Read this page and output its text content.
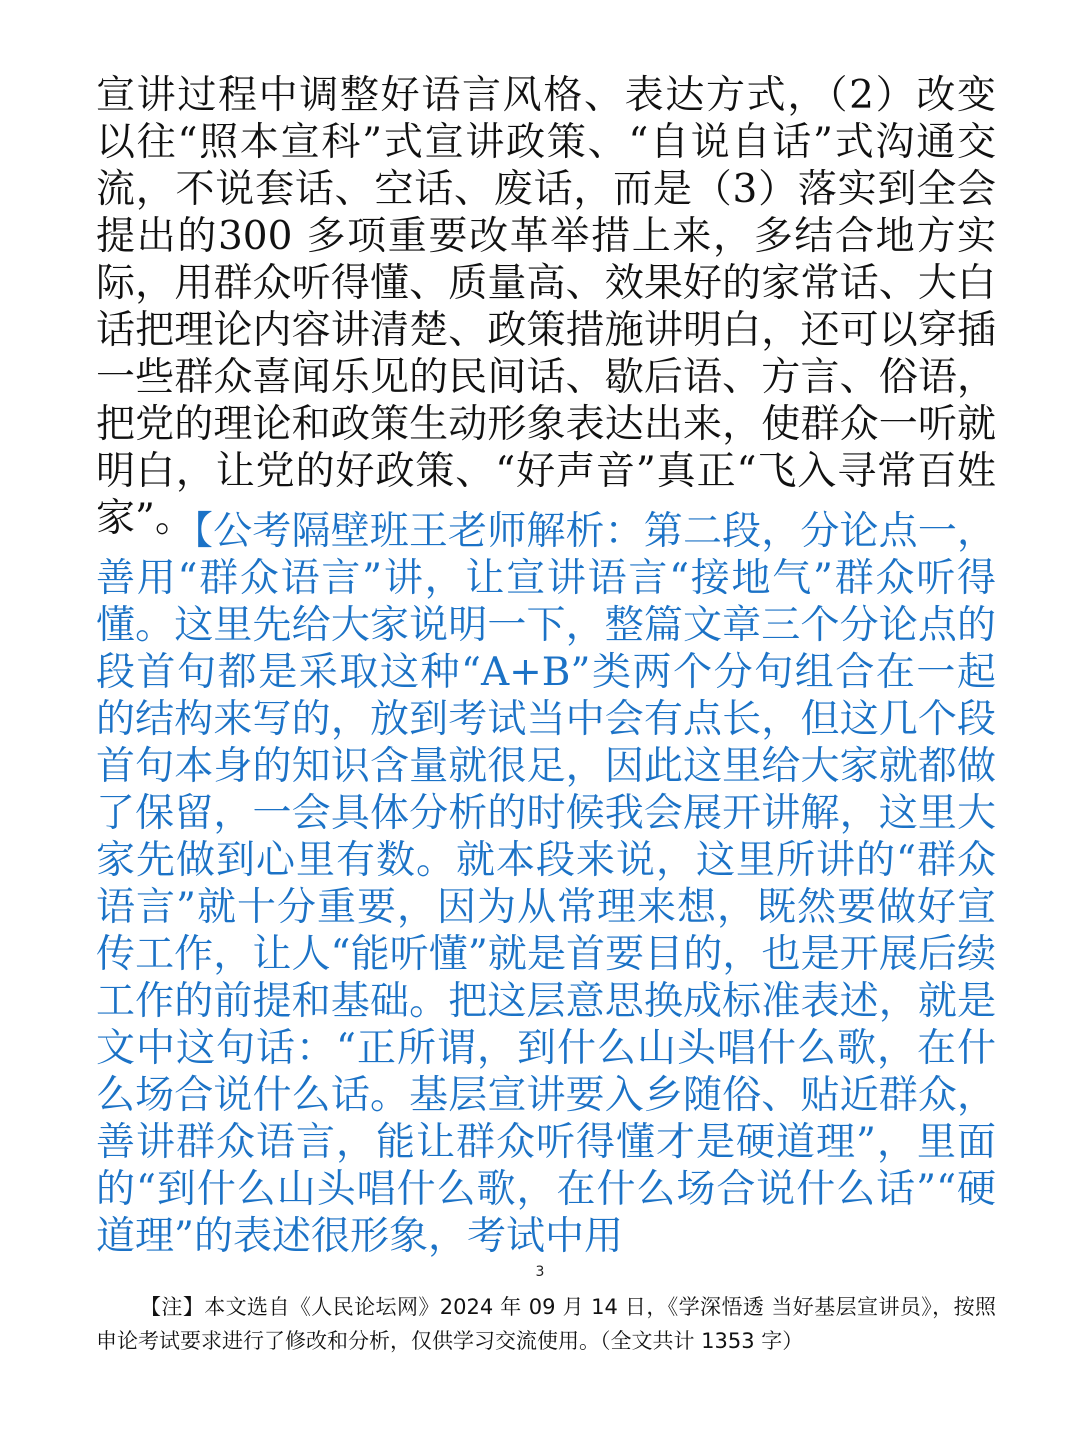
宣讲过程中调整好语言风格、表达方式，（2）改变以往“照本宣科”式宣讲政策、“自说自话”式沟通交流，不说套话、空话、废话，而是（3）落实到全会提出的300 多项重要改革举措上来，多结合地方实际，用群众听得懂、质量高、效果好的家常话、大白话把理论内容讲清楚、政策措施讲明白，还可以穿插一些群众喜闻乐见的民间话、歇后语、方言、俗语，把党的理论和政策生动形象表达出来，使群众一听就明白，让党的好政策、“好声音”真正“飞入寻常百姓家”。

【公考隔壁班王老师解析：第二段，分论点一，善用“群众语言”讲，让宣讲语言“接地气”群众听得懂。这里先给大家说明一下，整篇文章三个分论点的段首句都是采取这种“A+B”类两个分句组合在一起的结构来写的，放到考试当中会有点长，但这几个段首句本身的知识含量就很足，因此这里给大家就都做了保留，一会具体分析的时候我会展开讲解，这里大家先做到心里有数。就本段来说，这里所讲的“群众语言”就十分重要，因为从常理来想，既然要做好宣传工作，让人“能听懂”就是首要目的，也是开展后续工作的前提和基础。把这层意思换成标准表述，就是文中这句话：“正所谓，到什么山头唱什么歌，在什么场合说什么话。基层宣讲要入乡随俗、贴近群众，善讲群众语言，能让群众听得懂才是硬道理”，里面的“到什么山头唱什么歌，在什么场合说什么话”“硬道理”的表述很形象，考试中用

3

【注】本文选自《人民论坛网》2024 年 09 月 14 日，《学深悟透 当好基层宣讲员》，按照申论考试要求进行了修改和分析，仅供学习交流使用。（全文共计 1353 字）
